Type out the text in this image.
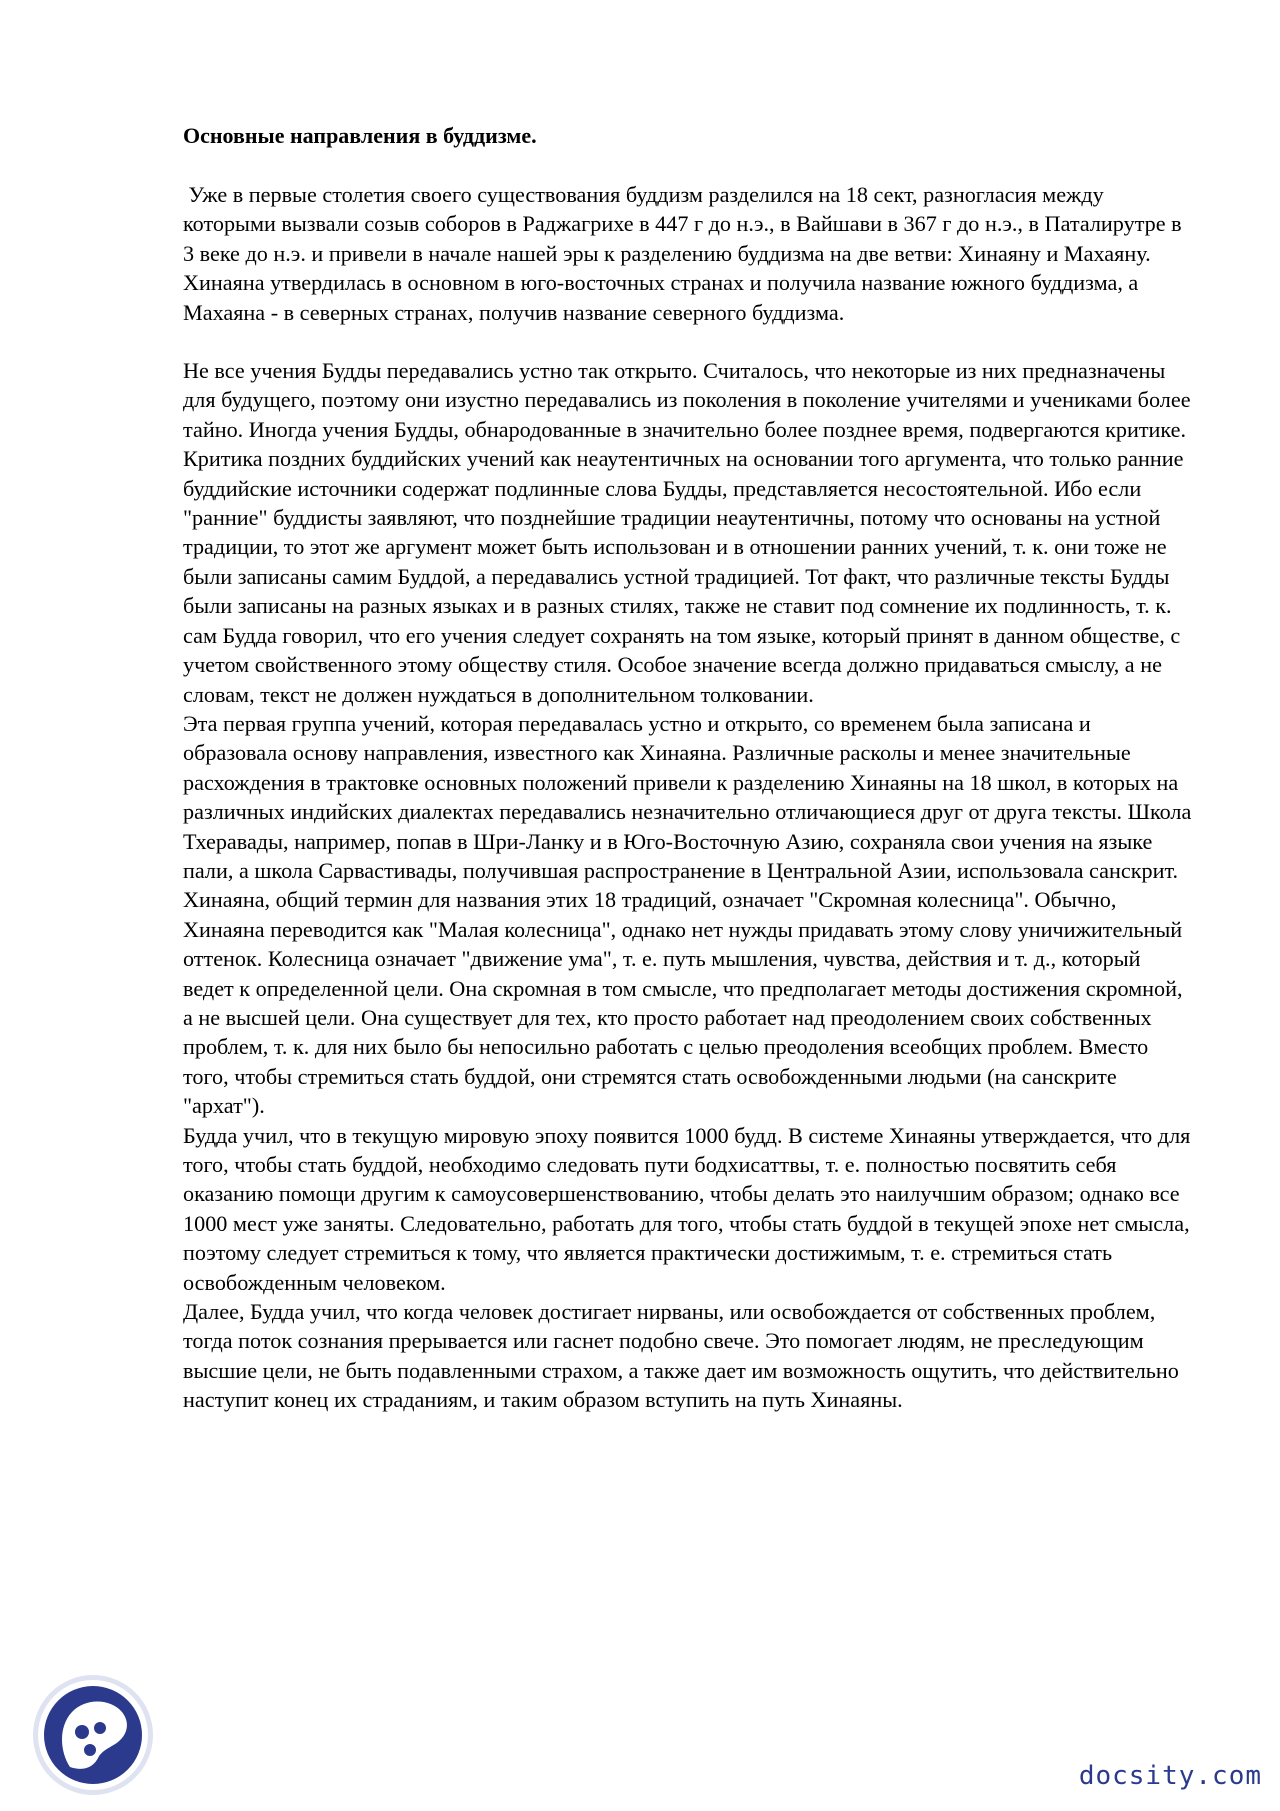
Основные направления в буддизме.

Уже в первые столетия своего существования буддизм разделился на 18 сект, разногласия между которыми вызвали созыв соборов в Раджагрихе в 447 г до н.э., в Вайшави в 367 г до н.э., в Паталирутре в 3 веке до н.э. и привели в начале нашей эры к разделению буддизма на две ветви: Хинаяну и Махаяну.

Хинаяна утвердилась в основном в юго-восточных странах и получила название южного буддизма, а Махаяна - в северных странах, получив название северного буддизма.

Не все учения Будды передавались устно так открыто. Считалось, что некоторые из них предназначены для будущего, поэтому они изустно передавались из поколения в поколение учителями и учениками более тайно. Иногда учения Будды, обнародованные в значительно более позднее время, подвергаются критике.

Критика поздних буддийских учений как неаутентичных на основании того аргумента, что только ранние буддийские источники содержат подлинные слова Будды, представляется несостоятельной. Ибо если "ранние" буддисты заявляют, что позднейшие традиции неаутентичны, потому что основаны на устной традиции, то этот же аргумент может быть использован и в отношении ранних учений, т. к. они тоже не были записаны самим Буддой, а передавались устной традицией. Тот факт, что различные тексты Будды были записаны на разных языках и в разных стилях, также не ставит под сомнение их подлинность, т. к. сам Будда говорил, что его учения следует сохранять на том языке, который принят в данном обществе, с учетом свойственного этому обществу стиля. Особое значение всегда должно придаваться смыслу, а не словам, текст не должен нуждаться в дополнительном толковании.

Эта первая группа учений, которая передавалась устно и открыто, со временем была записана и образовала основу направления, известного как Хинаяна. Различные расколы и менее значительные расхождения в трактовке основных положений привели к разделению Хинаяны на 18 школ, в которых на различных индийских диалектах передавались незначительно отличающиеся друг от друга тексты. Школа Тхеравады, например, попав в Шри-Ланку и в Юго-Восточную Азию, сохраняла свои учения на языке пали, а школа Сарвастивады, получившая распространение в Центральной Азии, использовала санскрит. Хинаяна, общий термин для названия этих 18 традиций, означает "Скромная колесница". Обычно, Хинаяна переводится как "Малая колесница", однако нет нужды придавать этому слову уничижительный оттенок. Колесница означает "движение ума", т. е. путь мышления, чувства, действия и т. д., который ведет к определенной цели. Она скромная в том смысле, что предполагает методы достижения скромной, а не высшей цели. Она существует для тех, кто просто работает над преодолением своих собственных проблем, т. к. для них было бы непосильно работать с целью преодоления всеобщих проблем. Вместо того, чтобы стремиться стать буддой, они стремятся стать освобожденными людьми (на санскрите "архат").

Будда учил, что в текущую мировую эпоху появится 1000 будд. В системе Хинаяны утверждается, что для того, чтобы стать буддой, необходимо следовать пути бодхисаттвы, т. е. полностью посвятить себя оказанию помощи другим к самоусовершенствованию, чтобы делать это наилучшим образом; однако все 1000 мест уже заняты. Следовательно, работать для того, чтобы стать буддой в текущей эпохе нет смысла, поэтому следует стремиться к тому, что является практически достижимым, т. е. стремиться стать освобожденным человеком.

Далее, Будда учил, что когда человек достигает нирваны, или освобождается от собственных проблем, тогда поток сознания прерывается или гаснет подобно свече. Это помогает людям, не преследующим высшие цели, не быть подавленными страхом, а также дает им возможность ощутить, что действительно наступит конец их страданиям, и таким образом вступить на путь Хинаяны.

docsity.com
